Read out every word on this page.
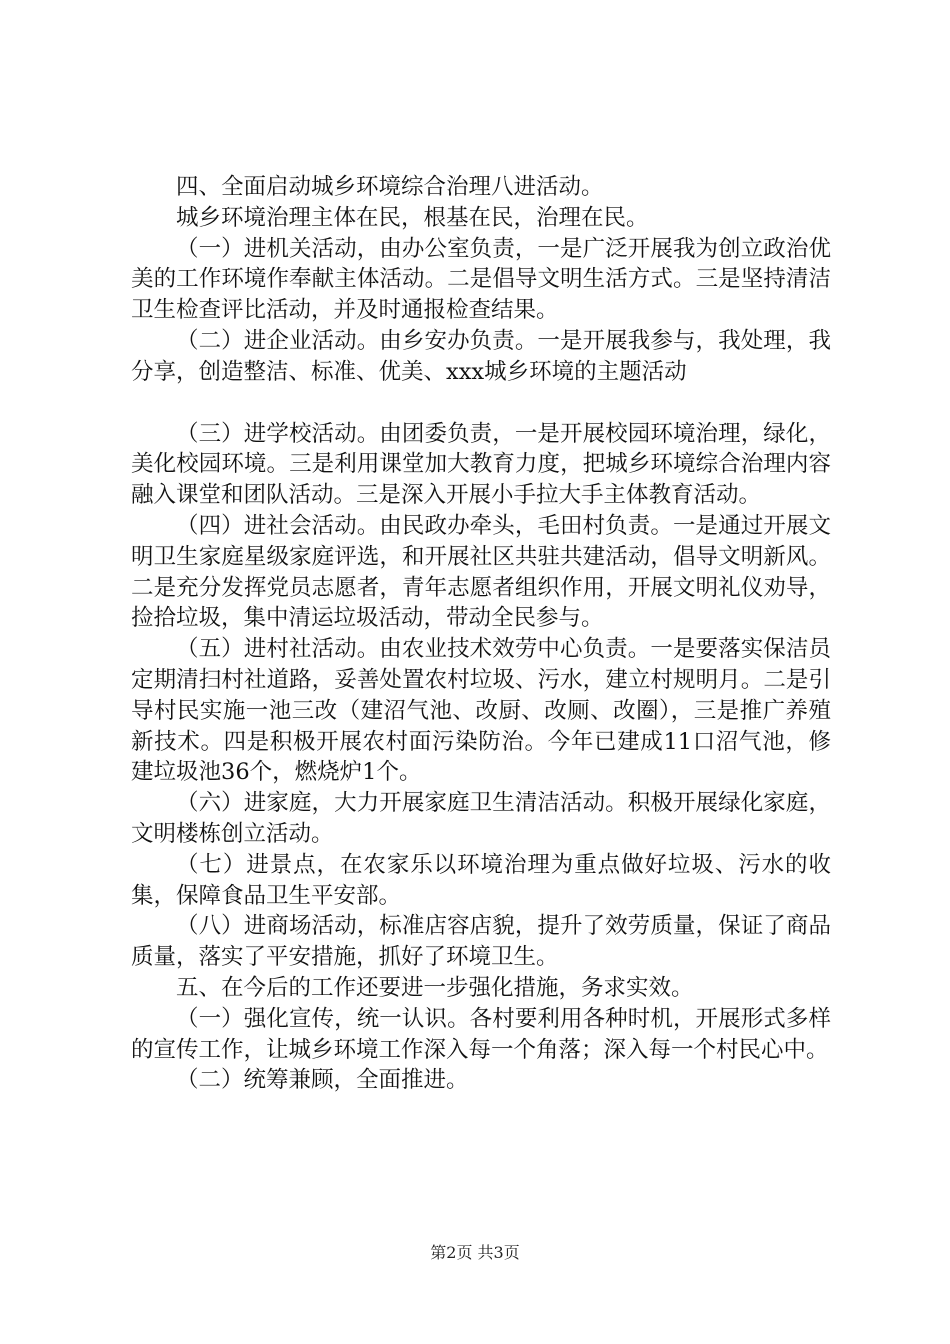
四、全面启动城乡环境综合治理八进活动。

城乡环境治理主体在民，根基在民，治理在民。

（一）进机关活动，由办公室负责，一是广泛开展我为创立政治优美的工作环境作奉献主体活动。二是倡导文明生活方式。三是坚持清洁卫生检查评比活动，并及时通报检查结果。

（二）进企业活动。由乡安办负责。一是开展我参与，我处理，我分享，创造整洁、标准、优美、xxx城乡环境的主题活动

（三）进学校活动。由团委负责，一是开展校园环境治理，绿化，美化校园环境。三是利用课堂加大教育力度，把城乡环境综合治理内容融入课堂和团队活动。三是深入开展小手拉大手主体教育活动。

（四）进社会活动。由民政办牵头，毛田村负责。一是通过开展文明卫生家庭星级家庭评选，和开展社区共驻共建活动，倡导文明新风。二是充分发挥党员志愿者，青年志愿者组织作用，开展文明礼仪劝导，捡拾垃圾，集中清运垃圾活动，带动全民参与。

（五）进村社活动。由农业技术效劳中心负责。一是要落实保洁员定期清扫村社道路，妥善处置农村垃圾、污水，建立村规明月。二是引导村民实施一池三改（建沼气池、改厨、改厕、改圈），三是推广养殖新技术。四是积极开展农村面污染防治。今年已建成11口沼气池，修建垃圾池36个，燃烧炉1个。

（六）进家庭，大力开展家庭卫生清洁活动。积极开展绿化家庭，文明楼栋创立活动。

（七）进景点，在农家乐以环境治理为重点做好垃圾、污水的收集，保障食品卫生平安部。

（八）进商场活动，标准店容店貌，提升了效劳质量，保证了商品质量，落实了平安措施，抓好了环境卫生。

五、在今后的工作还要进一步强化措施，务求实效。

（一）强化宣传，统一认识。各村要利用各种时机，开展形式多样的宣传工作，让城乡环境工作深入每一个角落；深入每一个村民心中。

（二）统筹兼顾，全面推进。

第2页 共3页
